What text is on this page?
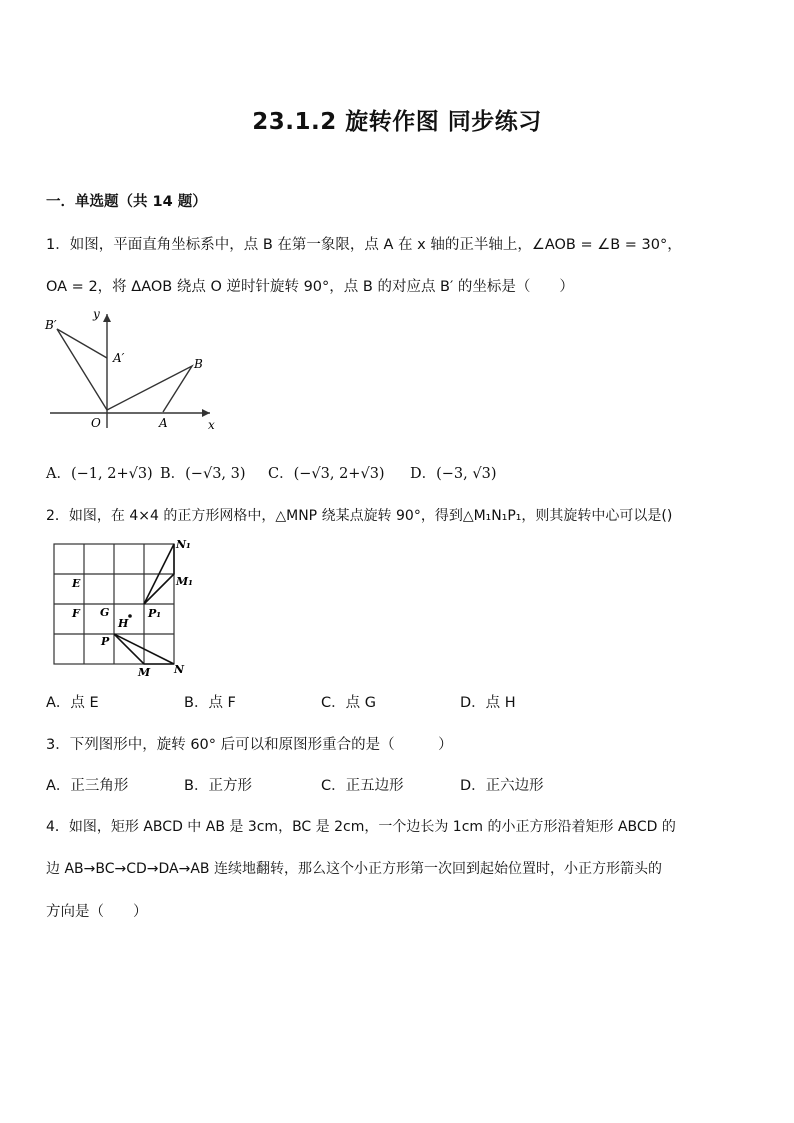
23.1.2 旋转作图 同步练习
一．单选题（共 14 题）
1．如图，平面直角坐标系中，点 B 在第一象限，点 A 在 x 轴的正半轴上，∠AOB = ∠B = 30°，
OA = 2，将 ΔAOB 绕点 O 逆时针旋转 90°，点 B 的对应点 B′ 的坐标是（　　）
B′
y
A′	B
O	A	x
A．(−1, 2+√3) B．(−√3, 3) C．(−√3, 2+√3) D．(−3, √3)
2．如图，在 4×4 的正方形网格中，△MNP 绕某点旋转 90°，得到△M₁N₁P₁，则其旋转中心可以是()
N₁
M₁
E
F G	P₁
H
P
M N
A．点 E	B．点 F	C．点 G	D．点 H
3．下列图形中，旋转 60° 后可以和原图形重合的是（　　　）
A．正三角形	B．正方形	C．正五边形	D．正六边形
4．如图，矩形 ABCD 中 AB 是 3cm，BC 是 2cm，一个边长为 1cm 的小正方形沿着矩形 ABCD 的
边 AB→BC→CD→DA→AB 连续地翻转，那么这个小正方形第一次回到起始位置时，小正方形箭头的
方向是（　　）
